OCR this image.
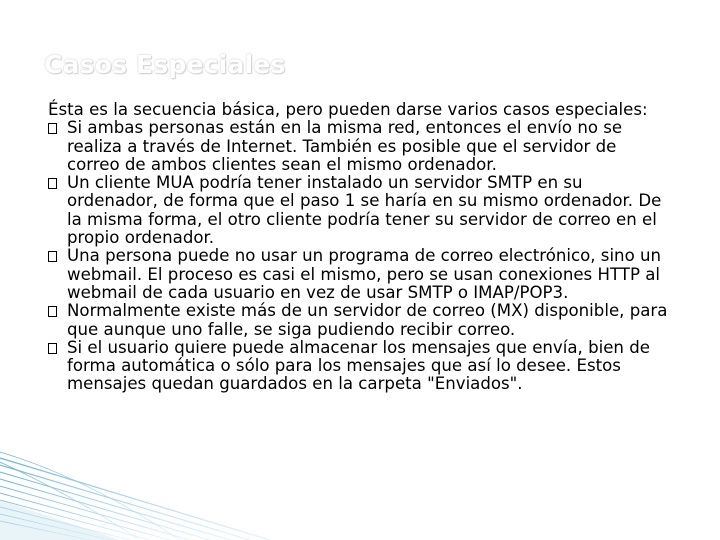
Casos Especiales

Ésta es la secuencia básica, pero pueden darse varios casos especiales:

Si ambas personas están en la misma red, entonces el envío no se realiza a través de Internet. También es posible que el servidor de correo de ambos clientes sean el mismo ordenador.
Un cliente MUA podría tener instalado un servidor SMTP en su ordenador, de forma que el paso 1 se haría en su mismo ordenador. De la misma forma, el otro cliente podría tener su servidor de correo en el propio ordenador.
Una persona puede no usar un programa de correo electrónico, sino un webmail. El proceso es casi el mismo, pero se usan conexiones HTTP al webmail de cada usuario en vez de usar SMTP o IMAP/POP3.
Normalmente existe más de un servidor de correo (MX) disponible, para que aunque uno falle, se siga pudiendo recibir correo.
Si el usuario quiere puede almacenar los mensajes que envía, bien de forma automática o sólo para los mensajes que así lo desee. Estos mensajes quedan guardados en la carpeta "Enviados".
